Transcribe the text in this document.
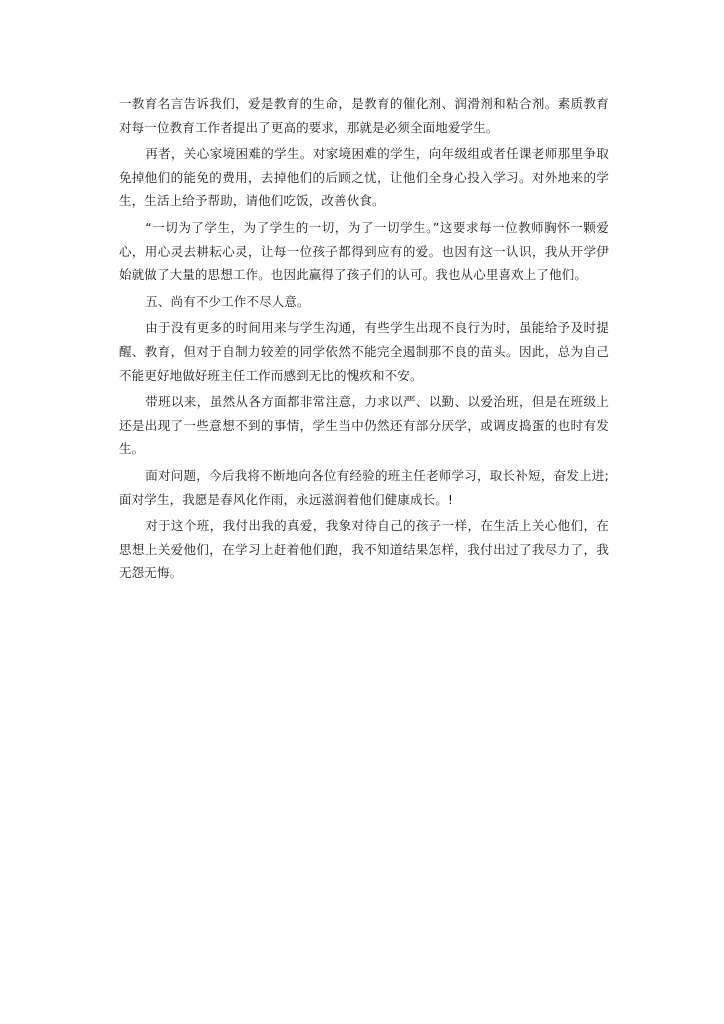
一教育名言告诉我们，爱是教育的生命，是教育的催化剂、润滑剂和粘合剂。素质教育对每一位教育工作者提出了更高的要求，那就是必须全面地爱学生。

再者，关心家境困难的学生。对家境困难的学生，向年级组或者任课老师那里争取免掉他们的能免的费用，去掉他们的后顾之忧，让他们全身心投入学习。对外地来的学生，生活上给予帮助，请他们吃饭，改善伙食。

“一切为了学生，为了学生的一切，为了一切学生。”这要求每一位教师胸怀一颗爱心，用心灵去耕耘心灵，让每一位孩子都得到应有的爱。也因有这一认识，我从开学伊始就做了大量的思想工作。也因此赢得了孩子们的认可。我也从心里喜欢上了他们。

五、尚有不少工作不尽人意。

由于没有更多的时间用来与学生沟通，有些学生出现不良行为时，虽能给予及时提醒、教育，但对于自制力较差的同学依然不能完全遏制那不良的苗头。因此，总为自己不能更好地做好班主任工作而感到无比的愧疚和不安。

带班以来，虽然从各方面都非常注意，力求以严、以勤、以爱治班，但是在班级上还是出现了一些意想不到的事情，学生当中仍然还有部分厌学，或调皮捣蛋的也时有发生。

面对问题，今后我将不断地向各位有经验的班主任老师学习，取长补短，奋发上进;面对学生，我愿是春风化作雨，永远滋润着他们健康成长。!

对于这个班，我付出我的真爱，我象对待自己的孩子一样，在生活上关心他们，在思想上关爱他们，在学习上赶着他们跑，我不知道结果怎样，我付出过了我尽力了，我无怨无悔。
